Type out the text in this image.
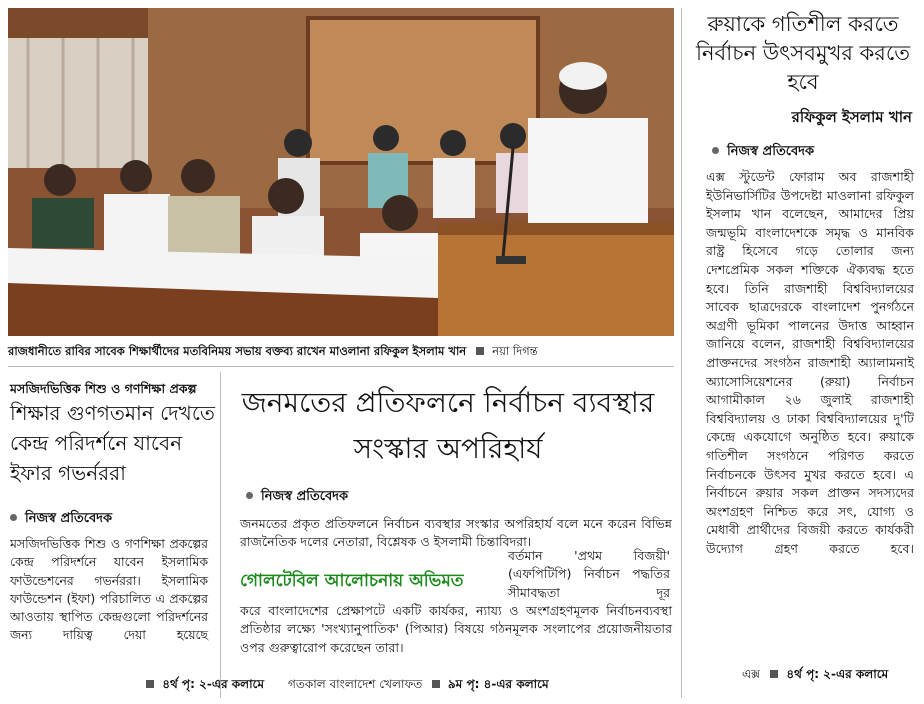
রাজধানীতে রাবির সাবেক শিক্ষার্থীদের মতবিনিময় সভায় বক্তব্য রাখেন মাওলানা রফিকুল ইসলাম খান নয়া দিগন্ত
রুয়াকে গতিশীল করতে নির্বাচন উৎসবমুখর করতে হবে
রফিকুল ইসলাম খান
নিজস্ব প্রতিবেদক

এক্স স্টুডেন্ট ফোরাম অব রাজশাহী ইউনিভার্সিটির উপদেষ্টা মাওলানা রফিকুল ইসলাম খান বলেছেন, আমাদের প্রিয় জন্মভূমি বাংলাদেশকে সমৃদ্ধ ও মানবিক রাষ্ট্র হিসেবে গড়ে তোলার জন্য দেশপ্রেমিক সকল শক্তিকে ঐক্যবদ্ধ হতে হবে। তিনি রাজশাহী বিশ্ববিদ্যালয়ের সাবেক ছাত্রদেরকে বাংলাদেশ পুনর্গঠনে অগ্রণী ভূমিকা পালনের উদাত্ত আহ্বান জানিয়ে বলেন, রাজশাহী বিশ্ববিদ্যালয়ের প্রাক্তনদের সংগঠন রাজশাহী অ্যালামনাই অ্যাসোসিয়েশনের (রুয়া) নির্বাচন আগামীকাল ২৬ জুলাই রাজশাহী বিশ্ববিদ্যালয় ও ঢাকা বিশ্ববিদ্যালয়ের দু'টি কেন্দ্রে একযোগে অনুষ্ঠিত হবে। রুয়াকে গতিশীল সংগঠনে পরিণত করতে নির্বাচনকে উৎসব মুখর করতে হবে। এ নির্বাচনে রুয়ার সকল প্রাক্তন সদস্যদের অংশগ্রহণ নিশ্চিত করে সৎ, যোগ্য ও মেধাবী প্রার্থীদের বিজয়ী করতে কার্যকরী উদ্যোগ গ্রহণ করতে হবে।

এক্স ৪র্থ পৃ: ২-এর কলামে
মসজিদভিত্তিক শিশু ও গণশিক্ষা প্রকল্প
শিক্ষার গুণগতমান দেখতে কেন্দ্র পরিদর্শনে যাবেন ইফার গভর্নররা
নিজস্ব প্রতিবেদক

মসজিদভিত্তিক শিশু ও গণশিক্ষা প্রকল্পের কেন্দ্র পরিদর্শনে যাবেন ইসলামিক ফাউন্ডেশনের গভর্নররা। ইসলামিক ফাউন্ডেশন (ইফা) পরিচালিত এ প্রকল্পের আওতায় স্থাপিত কেন্দ্রগুলো পরিদর্শনের জন্য দায়িত্ব দেয়া হয়েছে

৪র্থ পৃ: ২-এর কলামে
জনমতের প্রতিফলনে নির্বাচন ব্যবস্থার সংস্কার অপরিহার্য
নিজস্ব প্রতিবেদক
জনমতের প্রকৃত প্রতিফলনে নির্বাচন ব্যবস্থার সংস্কার অপরিহার্য বলে মনে করেন বিভিন্ন রাজনৈতিক দলের নেতারা, বিশ্লেষক ও ইসলামী চিন্তাবিদরা।
গোলটেবিল আলোচনায় অভিমত
বর্তমান 'প্রথম বিজয়ী' (এফপিটিপি) নির্বাচন পদ্ধতির সীমাবদ্ধতা দূর
করে বাংলাদেশের প্রেক্ষাপটে একটি কার্যকর, ন্যায্য ও অংশগ্রহণমূলক নির্বাচনব্যবস্থা প্রতিষ্ঠার লক্ষ্যে 'সংখ্যানুপাতিক' (পিআর) বিষয়ে গঠনমূলক সংলাপের প্রয়োজনীয়তার ওপর গুরুত্বারোপ করেছেন তারা।
গতকাল বাংলাদেশ খেলাফত ৯ম পৃ: ৪-এর কলামে
